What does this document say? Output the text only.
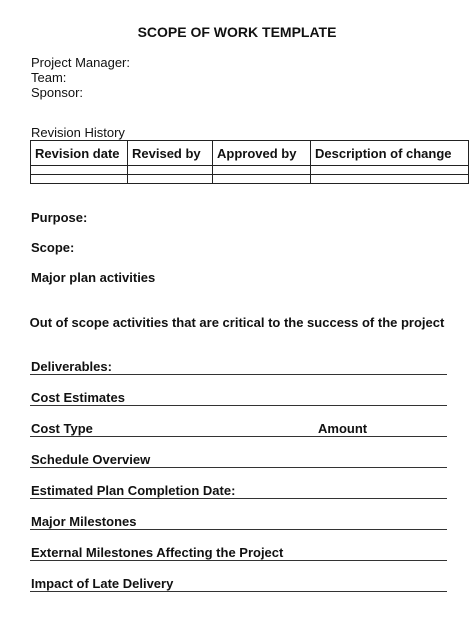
SCOPE OF WORK TEMPLATE
Project Manager:
Team:
Sponsor:
Revision History
Revision date	Revised by	Approved by	Description of change

Purpose:
Scope:
Major plan activities
Out of scope activities that are critical to the success of the project
Deliverables:
Cost Estimates
Cost Type	Amount
Schedule Overview
Estimated Plan Completion Date:
Major Milestones
External Milestones Affecting the Project
Impact of Late Delivery
